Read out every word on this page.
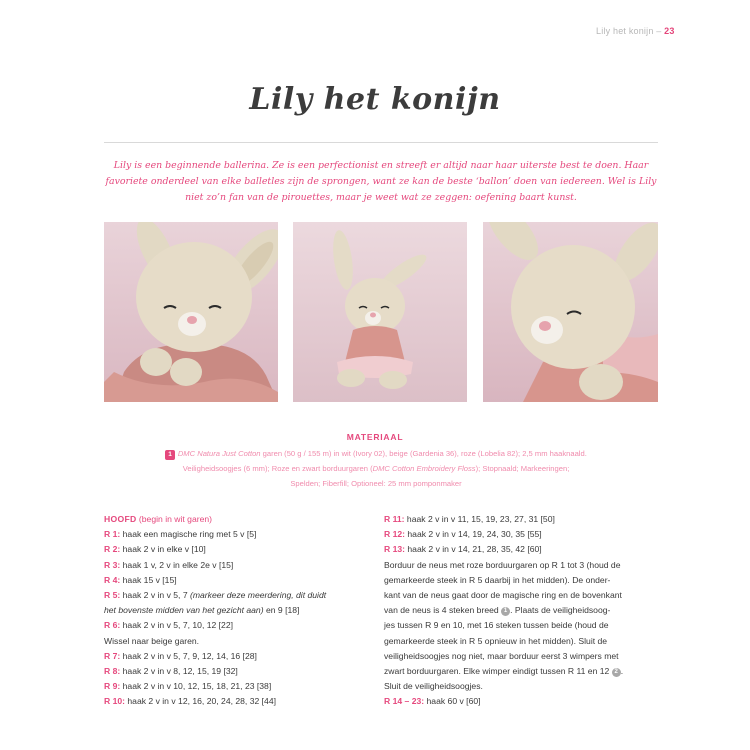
Lily het konijn – 23
Lily het konijn
Lily is een beginnende ballerina. Ze is een perfectionist en streeft er altijd naar haar uiterste best te doen. Haar favoriete onderdeel van elke balletles zijn de sprongen, want ze kan de beste ‘ballon’ doen van iedereen. Wel is Lily niet zo’n fan van de pirouettes, maar je weet wat ze zeggen: oefening baart kunst.
MATERIAAL
1 DMC Natura Just Cotton garen (50 g / 155 m) in wit (Ivory 02), beige (Gardenia 36), roze (Lobelia 82); 2,5 mm haaknaald.
Veiligheidsoogjes (6 mm); Roze en zwart borduurgaren (DMC Cotton Embroidery Floss); Stopnaald; Markeeringen;
Spelden; Fiberfill; Optioneel: 25 mm pomponmaker
HOOFD (begin in wit garen)
R 1: haak een magische ring met 5 v [5]
R 2: haak 2 v in elke v [10]
R 3: haak 1 v, 2 v in elke 2e v [15]
R 4: haak 15 v [15]
R 5: haak 2 v in v 5, 7 (markeer deze meerdering, dit duidt
het bovenste midden van het gezicht aan) en 9 [18]
R 6: haak 2 v in v 5, 7, 10, 12 [22]
Wissel naar beige garen.
R 7: haak 2 v in v 5, 7, 9, 12, 14, 16 [28]
R 8: haak 2 v in v 8, 12, 15, 19 [32]
R 9: haak 2 v in v 10, 12, 15, 18, 21, 23 [38]
R 10: haak 2 v in v 12, 16, 20, 24, 28, 32 [44]
R 11: haak 2 v in v 11, 15, 19, 23, 27, 31 [50]
R 12: haak 2 v in v 14, 19, 24, 30, 35 [55]
R 13: haak 2 v in v 14, 21, 28, 35, 42 [60]
Borduur de neus met roze borduurgaren op R 1 tot 3 (houd de
gemarkeerde steek in R 5 daarbij in het midden). De onder-
kant van de neus gaat door de magische ring en de bovenkant
van de neus is 4 steken breed 1 . Plaats de veiligheidsoog-
jes tussen R 9 en 10, met 16 steken tussen beide (houd de
gemarkeerde steek in R 5 opnieuw in het midden). Sluit de
veiligheidsoogjes nog niet, maar borduur eerst 3 wimpers met
zwart borduurgaren. Elke wimper eindigt tussen R 11 en 12 2 .
Sluit de veiligheidsoogjes.
R 14 – 23: haak 60 v [60]
